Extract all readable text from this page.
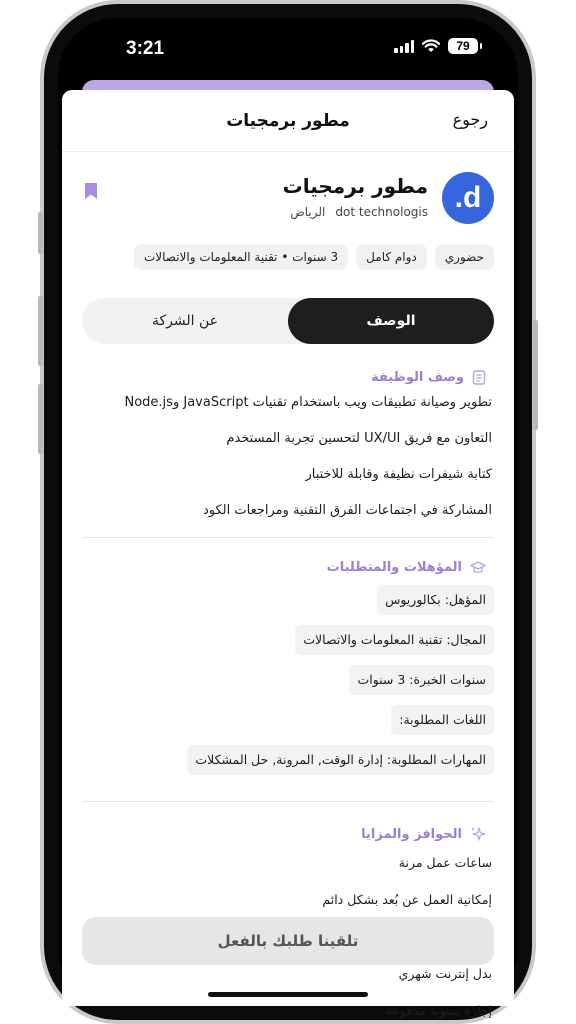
3:21	79
رجوع
مطور برمجيات
d.
مطور برمجيات
dot technologis
الرياض
حضوري
دوام كامل
3 سنوات • تقنية المعلومات والاتصالات
الوصف
عن الشركة
وصف الوظيفة
تطوير وصيانة تطبيقات ويب باستخدام تقنيات JavaScript وNode.js
التعاون مع فريق UX/UI لتحسين تجربة المستخدم
كتابة شيفرات نظيفة وقابلة للاختبار
المشاركة في اجتماعات الفرق التقنية ومراجعات الكود
المؤهلات والمتطلبات
المؤهل: بكالوريوس
المجال: تقنية المعلومات والاتصالات
سنوات الخبرة: 3 سنوات
اللغات المطلوبة:
المهارات المطلوبة: إدارة الوقت, المرونة, حل المشكلات
الحوافز والمزايا
ساعات عمل مرنة
إمكانية العمل عن بُعد بشكل دائم
بدل إنترنت شهري
إجازة سنوية مدفوعة
تلقينا طلبك بالفعل
